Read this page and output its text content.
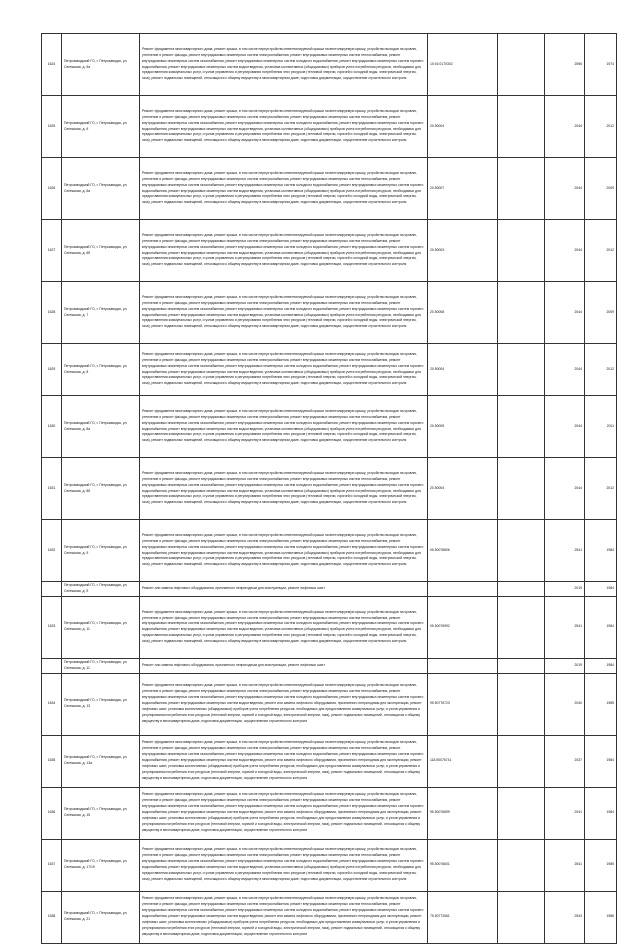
1624	Петрозаводский ГО, г. Петрозаводск, ул. Сегежская, д. 5а	Ремонт фундамента многоквартирного дома, ремонт крыши, в том числе переустройство невентилируемой крыши на вентилируемую крышу, устройство выходов на кровлю, утепление и ремонт фасада, ремонт внутридомовых инженерных систем электроснабжения, ремонт внутридомовых инженерных систем теплоснабжения, ремонт внутридомовых инженерных систем газоснабжения, ремонт внутридомовых инженерных систем холодного водоснабжения, ремонт внутридомовых инженерных систем горячего водоснабжения, ремонт внутридомовых инженерных систем водоотведения, установка коллективных (общедомовых) приборов учета потребления ресурсов, необходимых для предоставления коммунальных услуг, и узлов управления и регулирования потребления этих ресурсов (тепловой энергии, горячей и холодной воды, электрической энергии, газа), ремонт подвальных помещений, относящихся к общему имуществу в многоквартирном доме, подготовка документации, осуществление строительного контроля	10:01:0170302		2596	1974
1625	Петрозаводский ГО, г. Петрозаводск, ул. Сегежская, д. 6	Ремонт фундамента многоквартирного дома, ремонт крыши, в том числе переустройство невентилируемой крыши на вентилируемую крышу, устройство выходов на кровлю, утепление и ремонт фасада, ремонт внутридомовых инженерных систем электроснабжения, ремонт внутридомовых инженерных систем теплоснабжения, ремонт внутридомовых инженерных систем газоснабжения, ремонт внутридомовых инженерных систем холодного водоснабжения, ремонт внутридомовых инженерных систем горячего водоснабжения, ремонт внутридомовых инженерных систем водоотведения, установка коллективных (общедомовых) приборов учета потребления ресурсов, необходимых для предоставления коммунальных услуг, и узлов управления и регулирования потребления этих ресурсов (тепловой энергии, горячей и холодной воды, электрической энергии, газа), ремонт подвальных помещений, относящихся к общему имуществу в многоквартирном доме, подготовка документации, осуществление строительного контроля	20.50004		2044	2012
1626	Петрозаводский ГО, г. Петрозаводск, ул. Сегежская, д. 6а	Ремонт фундамента многоквартирного дома, ремонт крыши, в том числе переустройство невентилируемой крыши на вентилируемую крышу, устройство выходов на кровлю, утепление и ремонт фасада, ремонт внутридомовых инженерных систем электроснабжения, ремонт внутридомовых инженерных систем теплоснабжения, ремонт внутридомовых инженерных систем газоснабжения, ремонт внутридомовых инженерных систем холодного водоснабжения, ремонт внутридомовых инженерных систем горячего водоснабжения, ремонт внутридомовых инженерных систем водоотведения, установка коллективных (общедомовых) приборов учета потребления ресурсов, необходимых для предоставления коммунальных услуг, и узлов управления и регулирования потребления этих ресурсов (тепловой энергии, горячей и холодной воды, электрической энергии, газа), ремонт подвальных помещений, относящихся к общему имуществу в многоквартирном доме, подготовка документации, осуществление строительного контроля	20.50007		2044	2009
1627	Петрозаводский ГО, г. Петрозаводск, ул. Сегежская, д. 6б	Ремонт фундамента многоквартирного дома, ремонт крыши, в том числе переустройство невентилируемой крыши на вентилируемую крышу, устройство выходов на кровлю, утепление и ремонт фасада, ремонт внутридомовых инженерных систем электроснабжения, ремонт внутридомовых инженерных систем теплоснабжения, ремонт внутридомовых инженерных систем газоснабжения, ремонт внутридомовых инженерных систем холодного водоснабжения, ремонт внутридомовых инженерных систем горячего водоснабжения, ремонт внутридомовых инженерных систем водоотведения, установка коллективных (общедомовых) приборов учета потребления ресурсов, необходимых для предоставления коммунальных услуг, и узлов управления и регулирования потребления этих ресурсов (тепловой энергии, горячей и холодной воды, электрической энергии, газа), ремонт подвальных помещений, относящихся к общему имуществу в многоквартирном доме, подготовка документации, осуществление строительного контроля	20.50003		2044	2012
1628	Петрозаводский ГО, г. Петрозаводск, ул. Сегежская, д. 7	Ремонт фундамента многоквартирного дома, ремонт крыши, в том числе переустройство невентилируемой крыши на вентилируемую крышу, устройство выходов на кровлю, утепление и ремонт фасада, ремонт внутридомовых инженерных систем электроснабжения, ремонт внутридомовых инженерных систем теплоснабжения, ремонт внутридомовых инженерных систем газоснабжения, ремонт внутридомовых инженерных систем холодного водоснабжения, ремонт внутридомовых инженерных систем горячего водоснабжения, ремонт внутридомовых инженерных систем водоотведения, установка коллективных (общедомовых) приборов учета потребления ресурсов, необходимых для предоставления коммунальных услуг, и узлов управления и регулирования потребления этих ресурсов (тепловой энергии, горячей и холодной воды, электрической энергии, газа), ремонт подвальных помещений, относящихся к общему имуществу в многоквартирном доме, подготовка документации, осуществление строительного контроля	20.50008		2044	2009
1629	Петрозаводский ГО, г. Петрозаводск, ул. Сегежская, д. 8	Ремонт фундамента многоквартирного дома, ремонт крыши, в том числе переустройство невентилируемой крыши на вентилируемую крышу, устройство выходов на кровлю, утепление и ремонт фасада, ремонт внутридомовых инженерных систем электроснабжения, ремонт внутридомовых инженерных систем теплоснабжения, ремонт внутридомовых инженерных систем газоснабжения, ремонт внутридомовых инженерных систем холодного водоснабжения, ремонт внутридомовых инженерных систем горячего водоснабжения, ремонт внутридомовых инженерных систем водоотведения, установка коллективных (общедомовых) приборов учета потребления ресурсов, необходимых для предоставления коммунальных услуг, и узлов управления и регулирования потребления этих ресурсов (тепловой энергии, горячей и холодной воды, электрической энергии, газа), ремонт подвальных помещений, относящихся к общему имуществу в многоквартирном доме, подготовка документации, осуществление строительного контроля	20.50004		2044	2012
1630	Петрозаводский ГО, г. Петрозаводск, ул. Сегежская, д. 8а	Ремонт фундамента многоквартирного дома, ремонт крыши, в том числе переустройство невентилируемой крыши на вентилируемую крышу, устройство выходов на кровлю, утепление и ремонт фасада, ремонт внутридомовых инженерных систем электроснабжения, ремонт внутридомовых инженерных систем теплоснабжения, ремонт внутридомовых инженерных систем газоснабжения, ремонт внутридомовых инженерных систем холодного водоснабжения, ремонт внутридомовых инженерных систем горячего водоснабжения, ремонт внутридомовых инженерных систем водоотведения, установка коллективных (общедомовых) приборов учета потребления ресурсов, необходимых для предоставления коммунальных услуг, и узлов управления и регулирования потребления этих ресурсов (тепловой энергии, горячей и холодной воды, электрической энергии, газа), ремонт подвальных помещений, относящихся к общему имуществу в многоквартирном доме, подготовка документации, осуществление строительного контроля	20.50005		2044	2011
1631	Петрозаводский ГО, г. Петрозаводск, ул. Сегежская, д. 8б	Ремонт фундамента многоквартирного дома, ремонт крыши, в том числе переустройство невентилируемой крыши на вентилируемую крышу, устройство выходов на кровлю, утепление и ремонт фасада, ремонт внутридомовых инженерных систем электроснабжения, ремонт внутридомовых инженерных систем теплоснабжения, ремонт внутридомовых инженерных систем газоснабжения, ремонт внутридомовых инженерных систем холодного водоснабжения, ремонт внутридомовых инженерных систем горячего водоснабжения, ремонт внутридомовых инженерных систем водоотведения, установка коллективных (общедомовых) приборов учета потребления ресурсов, необходимых для предоставления коммунальных услуг, и узлов управления и регулирования потребления этих ресурсов (тепловой энергии, горячей и холодной воды, электрической энергии, газа), ремонт подвальных помещений, относящихся к общему имуществу в многоквартирном доме, подготовка документации, осуществление строительного контроля	20.50004		2044	2012
1632	Петрозаводский ГО, г. Петрозаводск, ул. Сегежская, д. 9	Ремонт фундамента многоквартирного дома, ремонт крыши, в том числе переустройство невентилируемой крыши на вентилируемую крышу, устройство выходов на кровлю, утепление и ремонт фасада, ремонт внутридомовых инженерных систем электроснабжения, ремонт внутридомовых инженерных систем теплоснабжения, ремонт внутридомовых инженерных систем газоснабжения, ремонт внутридомовых инженерных систем холодного водоснабжения, ремонт внутридомовых инженерных систем горячего водоснабжения, ремонт внутридомовых инженерных систем водоотведения, установка коллективных (общедомовых) приборов учета потребления ресурсов, необходимых для предоставления коммунальных услуг, и узлов управления и регулирования потребления этих ресурсов (тепловой энергии, горячей и холодной воды, электрической энергии, газа), ремонт подвальных помещений, относящихся к общему имуществу в многоквартирном доме, подготовка документации, осуществление строительного контроля	05.50076806		2541	1984
	Петрозаводский ГО, г. Петрозаводск, ул. Сегежская, д. 9	Ремонт или замена лифтового оборудования, признанного непригодным для эксплуатации, ремонт лифтовых шахт			2019	1984
1633	Петрозаводский ГО, г. Петрозаводск, ул. Сегежская, д. 11	Ремонт фундамента многоквартирного дома, ремонт крыши, в том числе переустройство невентилируемой крыши на вентилируемую крышу, устройство выходов на кровлю, утепление и ремонт фасада, ремонт внутридомовых инженерных систем электроснабжения, ремонт внутридомовых инженерных систем теплоснабжения, ремонт внутридомовых инженерных систем газоснабжения, ремонт внутридомовых инженерных систем холодного водоснабжения, ремонт внутридомовых инженерных систем горячего водоснабжения, ремонт внутридомовых инженерных систем водоотведения, установка коллективных (общедомовых) приборов учета потребления ресурсов, необходимых для предоставления коммунальных услуг, и узлов управления и регулирования потребления этих ресурсов (тепловой энергии, горячей и холодной воды, электрической энергии, газа), ремонт подвальных помещений, относящихся к общему имуществу в многоквартирном доме, подготовка документации, осуществление строительного контроля	05.50076992		2541	1984
	Петрозаводский ГО, г. Петрозаводск, ул. Сегежская, д. 11	Ремонт или замена лифтового оборудования, признанного непригодным для эксплуатации, ремонт лифтовых шахт			2019	1984
1634	Петрозаводский ГО, г. Петрозаводск, ул. Сегежская, д. 13	Ремонт фундамента многоквартирного дома, ремонт крыши, в том числе переустройство невентилируемой крыши на вентилируемую крышу, устройство выходов на кровлю, утепление и ремонт фасада, ремонт внутридомовых инженерных систем электроснабжения, ремонт внутридомовых инженерных систем теплоснабжения, ремонт внутридомовых инженерных систем газоснабжения, ремонт внутридомовых инженерных систем холодного водоснабжения, ремонт внутридомовых инженерных систем горячего водоснабжения, ремонт внутридомовых инженерных систем водоотведения, ремонт или замена лифтового оборудования, признанного непригодным для эксплуатации, ремонт лифтовых шахт, установка коллективных (общедомовых) приборов учета потребления ресурсов, необходимых для предоставления коммунальных услуг, и узлов управления и регулирования потребления этих ресурсов (тепловой энергии, горячей и холодной воды, электрической энергии, газа), ремонт подвальных помещений, относящихся к общему имуществу в многоквартирном доме, подготовка документации, осуществление строительного контроля	95.50776723		2040	1985
1635	Петрозаводский ГО, г. Петрозаводск, ул. Сегежская, д. 13а	Ремонт фундамента многоквартирного дома, ремонт крыши, в том числе переустройство невентилируемой крыши на вентилируемую крышу, устройство выходов на кровлю, утепление и ремонт фасада, ремонт внутридомовых инженерных систем электроснабжения, ремонт внутридомовых инженерных систем теплоснабжения, ремонт внутридомовых инженерных систем газоснабжения, ремонт внутридомовых инженерных систем холодного водоснабжения, ремонт внутридомовых инженерных систем горячего водоснабжения, ремонт внутридомовых инженерных систем водоотведения, ремонт или замена лифтового оборудования, признанного непригодным для эксплуатации, ремонт лифтовых шахт, установка коллективных (общедомовых) приборов учета потребления ресурсов, необходимых для предоставления коммунальных услуг, и узлов управления и регулирования потребления этих ресурсов (тепловой энергии, горячей и холодной воды, электрической энергии, газа), ремонт подвальных помещений, относящихся к общему имуществу в многоквартирном доме, подготовка документации, осуществление строительного контроля	118.50076741		2037	1984
1636	Петрозаводский ГО, г. Петрозаводск, ул. Сегежская, д. 15	Ремонт фундамента многоквартирного дома, ремонт крыши, в том числе переустройство невентилируемой крыши на вентилируемую крышу, устройство выходов на кровлю, утепление и ремонт фасада, ремонт внутридомовых инженерных систем электроснабжения, ремонт внутридомовых инженерных систем теплоснабжения, ремонт внутридомовых инженерных систем газоснабжения, ремонт внутридомовых инженерных систем холодного водоснабжения, ремонт внутридомовых инженерных систем горячего водоснабжения, ремонт внутридомовых инженерных систем водоотведения, ремонт или замена лифтового оборудования, признанного непригодным для эксплуатации, ремонт лифтовых шахт, установка коллективных (общедомовых) приборов учета потребления ресурсов, необходимых для предоставления коммунальных услуг, и узлов управления и регулирования потребления этих ресурсов (тепловой энергии, горячей и холодной воды, электрической энергии, газа), ремонт подвальных помещений, относящихся к общему имуществу в многоквартирном доме, подготовка документации, осуществление строительного контроля	95.50076699		2041	1984
1637	Петрозаводский ГО, г. Петрозаводск, ул. Сегежская, д. 17/19	Ремонт фундамента многоквартирного дома, ремонт крыши, в том числе переустройство невентилируемой крыши на вентилируемую крышу, устройство выходов на кровлю, утепление и ремонт фасада, ремонт внутридомовых инженерных систем электроснабжения, ремонт внутридомовых инженерных систем теплоснабжения, ремонт внутридомовых инженерных систем газоснабжения, ремонт внутридомовых инженерных систем холодного водоснабжения, ремонт внутридомовых инженерных систем горячего водоснабжения, ремонт внутридомовых инженерных систем водоотведения, установка коллективных (общедомовых) приборов учета потребления ресурсов, необходимых для предоставления коммунальных услуг, и узлов управления и регулирования потребления этих ресурсов (тепловой энергии, горячей и холодной воды, электрической энергии, газа), ремонт подвальных помещений, относящихся к общему имуществу в многоквартирном доме, подготовка документации, осуществление строительного контроля	95.50076601		2541	1985
1638	Петрозаводский ГО, г. Петрозаводск, ул. Сегежская, д. 21	Ремонт фундамента многоквартирного дома, ремонт крыши, в том числе переустройство невентилируемой крыши на вентилируемую крышу, устройство выходов на кровлю, утепление и ремонт фасада, ремонт внутридомовых инженерных систем электроснабжения, ремонт внутридомовых инженерных систем теплоснабжения, ремонт внутридомовых инженерных систем газоснабжения, ремонт внутридомовых инженерных систем холодного водоснабжения, ремонт внутридомовых инженерных систем горячего водоснабжения, ремонт внутридомовых инженерных систем водоотведения, ремонт или замена лифтового оборудования, признанного непригодным для эксплуатации, ремонт лифтовых шахт, установка коллективных (общедомовых) приборов учета потребления ресурсов, необходимых для предоставления коммунальных услуг, и узлов управления и регулирования потребления этих ресурсов (тепловой энергии, горячей и холодной воды, электрической энергии, газа), ремонт подвальных помещений, относящихся к общему имуществу в многоквартирном доме, подготовка документации, осуществление строительного контроля	75.50772561		2543	1988
